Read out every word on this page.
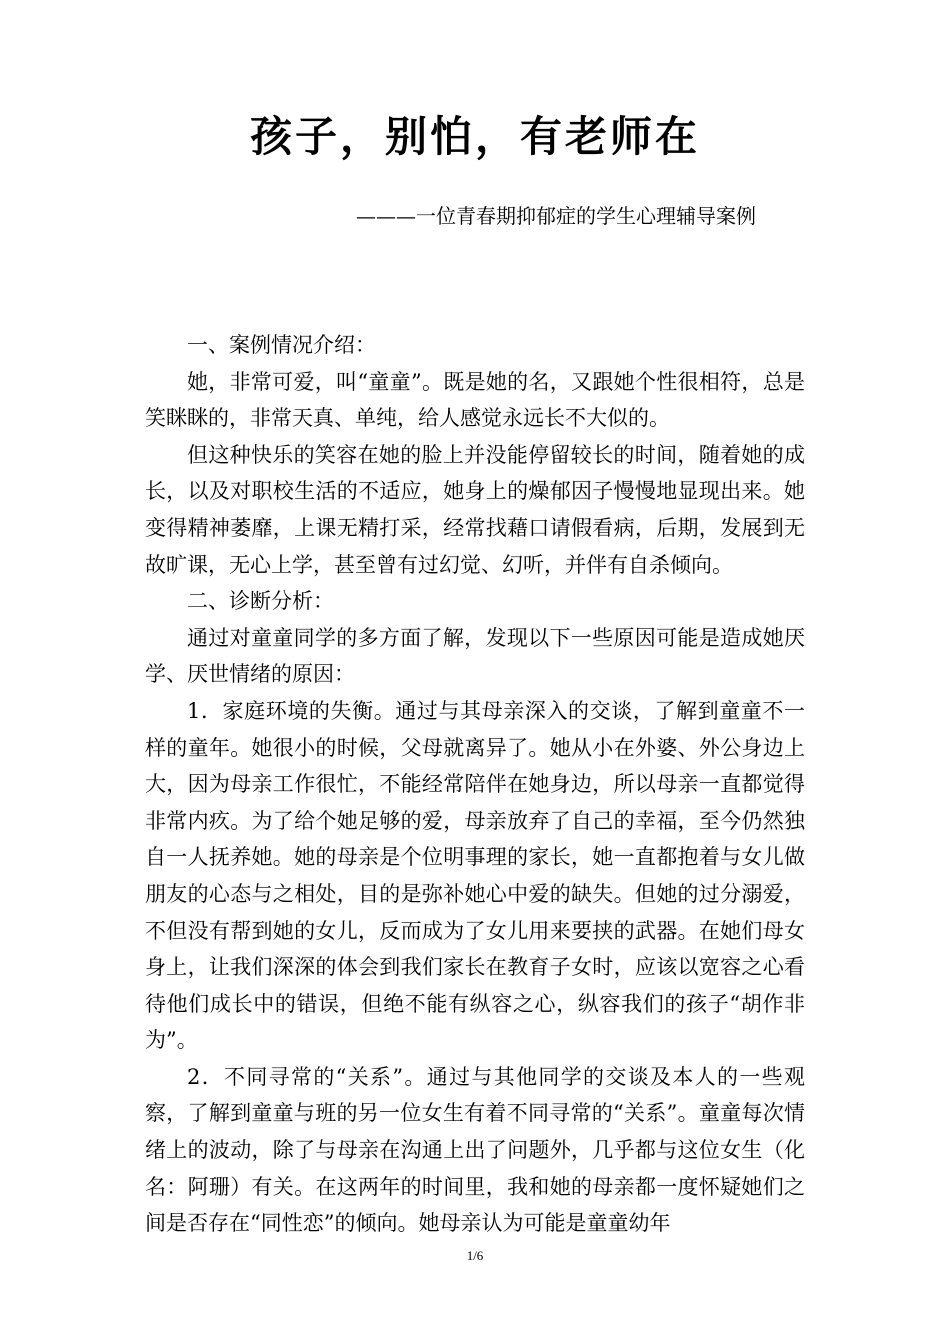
孩子，别怕，有老师在
———一位青春期抑郁症的学生心理辅导案例

一、案例情况介绍：

她，非常可爱，叫“童童”。既是她的名，又跟她个性很相符，总是笑眯眯的，非常天真、单纯，给人感觉永远长不大似的。

但这种快乐的笑容在她的脸上并没能停留较长的时间，随着她的成长，以及对职校生活的不适应，她身上的燥郁因子慢慢地显现出来。她变得精神萎靡，上课无精打采，经常找藉口请假看病，后期，发展到无故旷课，无心上学，甚至曾有过幻觉、幻听，并伴有自杀倾向。

二、诊断分析：

通过对童童同学的多方面了解，发现以下一些原因可能是造成她厌学、厌世情绪的原因：

1．家庭环境的失衡。通过与其母亲深入的交谈，了解到童童不一样的童年。她很小的时候，父母就离异了。她从小在外婆、外公身边上大，因为母亲工作很忙，不能经常陪伴在她身边，所以母亲一直都觉得非常内疚。为了给个她足够的爱，母亲放弃了自己的幸福，至今仍然独自一人抚养她。她的母亲是个位明事理的家长，她一直都抱着与女儿做朋友的心态与之相处，目的是弥补她心中爱的缺失。但她的过分溺爱，不但没有帮到她的女儿，反而成为了女儿用来要挟的武器。在她们母女身上，让我们深深的体会到我们家长在教育子女时，应该以宽容之心看待他们成长中的错误，但绝不能有纵容之心，纵容我们的孩子“胡作非为”。

2．不同寻常的“关系”。通过与其他同学的交谈及本人的一些观察，了解到童童与班的另一位女生有着不同寻常的“关系”。童童每次情绪上的波动，除了与母亲在沟通上出了问题外，几乎都与这位女生（化名：阿珊）有关。在这两年的时间里，我和她的母亲都一度怀疑她们之间是否存在“同性恋”的倾向。她母亲认为可能是童童幼年

1/6
